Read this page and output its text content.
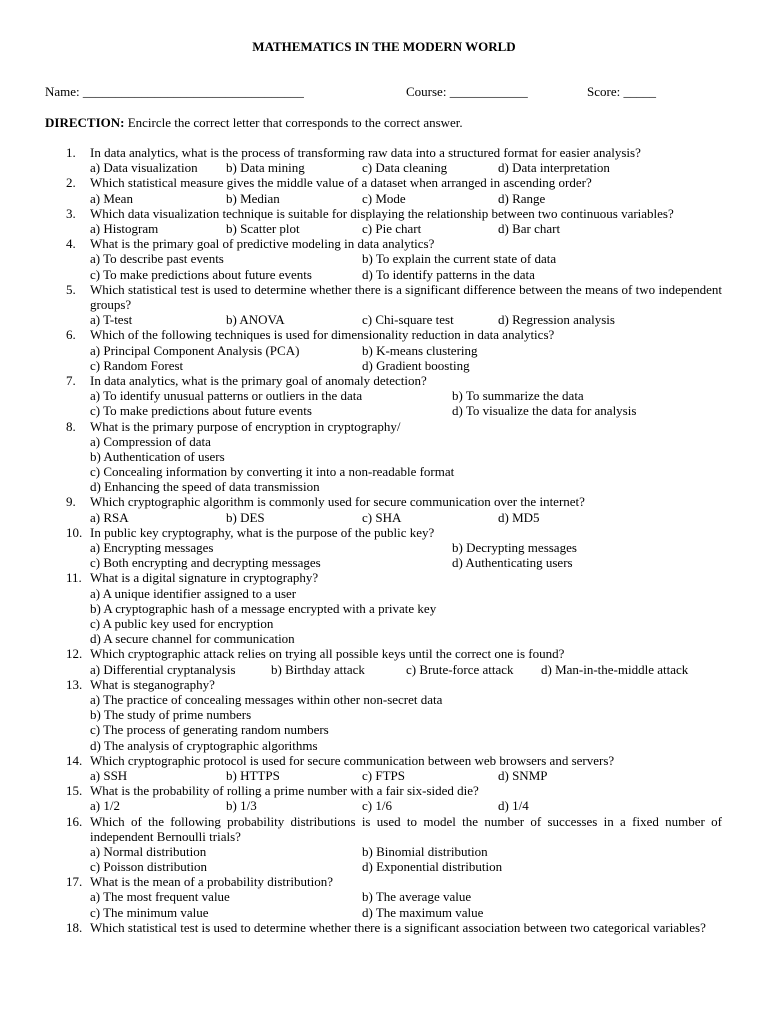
MATHEMATICS IN THE MODERN WORLD
Name: __________________________________	Course: ____________	Score: _____
DIRECTION: Encircle the correct letter that corresponds to the correct answer.
1.	In data analytics, what is the process of transforming raw data into a structured format for easier analysis?
a) Data visualization b) Data mining	c) Data cleaning	d) Data interpretation
2.	Which statistical measure gives the middle value of a dataset when arranged in ascending order?
a) Mean	b) Median	c) Mode	d) Range
3.	Which data visualization technique is suitable for displaying the relationship between two continuous variables?
a) Histogram	b) Scatter plot	c) Pie chart	d) Bar chart
4.	What is the primary goal of predictive modeling in data analytics?
a) To describe past events	b) To explain the current state of data
c) To make predictions about future events	d) To identify patterns in the data
5.	Which statistical test is used to determine whether there is a significant difference between the means of two independent groups?
a) T-test	b) ANOVA	c) Chi-square test	d) Regression analysis
6.	Which of the following techniques is used for dimensionality reduction in data analytics?
a) Principal Component Analysis (PCA)	b) K-means clustering
c) Random Forest	d) Gradient boosting
7.	In data analytics, what is the primary goal of anomaly detection?
a) To identify unusual patterns or outliers in the data	b) To summarize the data
c) To make predictions about future events	d) To visualize the data for analysis
8.	What is the primary purpose of encryption in cryptography/
a) Compression of data
b) Authentication of users
c) Concealing information by converting it into a non-readable format
d) Enhancing the speed of data transmission
9.	Which cryptographic algorithm is commonly used for secure communication over the internet?
a) RSA	b) DES	c) SHA	d) MD5
10. In public key cryptography, what is the purpose of the public key?
a) Encrypting messages	b) Decrypting messages
c) Both encrypting and decrypting messages	d) Authenticating users
11. What is a digital signature in cryptography?
a) A unique identifier assigned to a user
b) A cryptographic hash of a message encrypted with a private key
c) A public key used for encryption
d) A secure channel for communication
12. Which cryptographic attack relies on trying all possible keys until the correct one is found?
a) Differential cryptanalysis	b) Birthday attack	c) Brute-force attack d) Man-in-the-middle attack
13. What is steganography?
a) The practice of concealing messages within other non-secret data
b) The study of prime numbers
c) The process of generating random numbers
d) The analysis of cryptographic algorithms
14. Which cryptographic protocol is used for secure communication between web browsers and servers?
a) SSH	b) HTTPS	c) FTPS	d) SNMP
15. What is the probability of rolling a prime number with a fair six-sided die?
a) 1/2	b) 1/3	c) 1/6	d) 1/4
16. Which of the following probability distributions is used to model the number of successes in a fixed number of independent Bernoulli trials?
a) Normal distribution	b) Binomial distribution
c) Poisson distribution	d) Exponential distribution
17. What is the mean of a probability distribution?
a) The most frequent value	b) The average value
c) The minimum value	d) The maximum value
18. Which statistical test is used to determine whether there is a significant association between two categorical variables?
